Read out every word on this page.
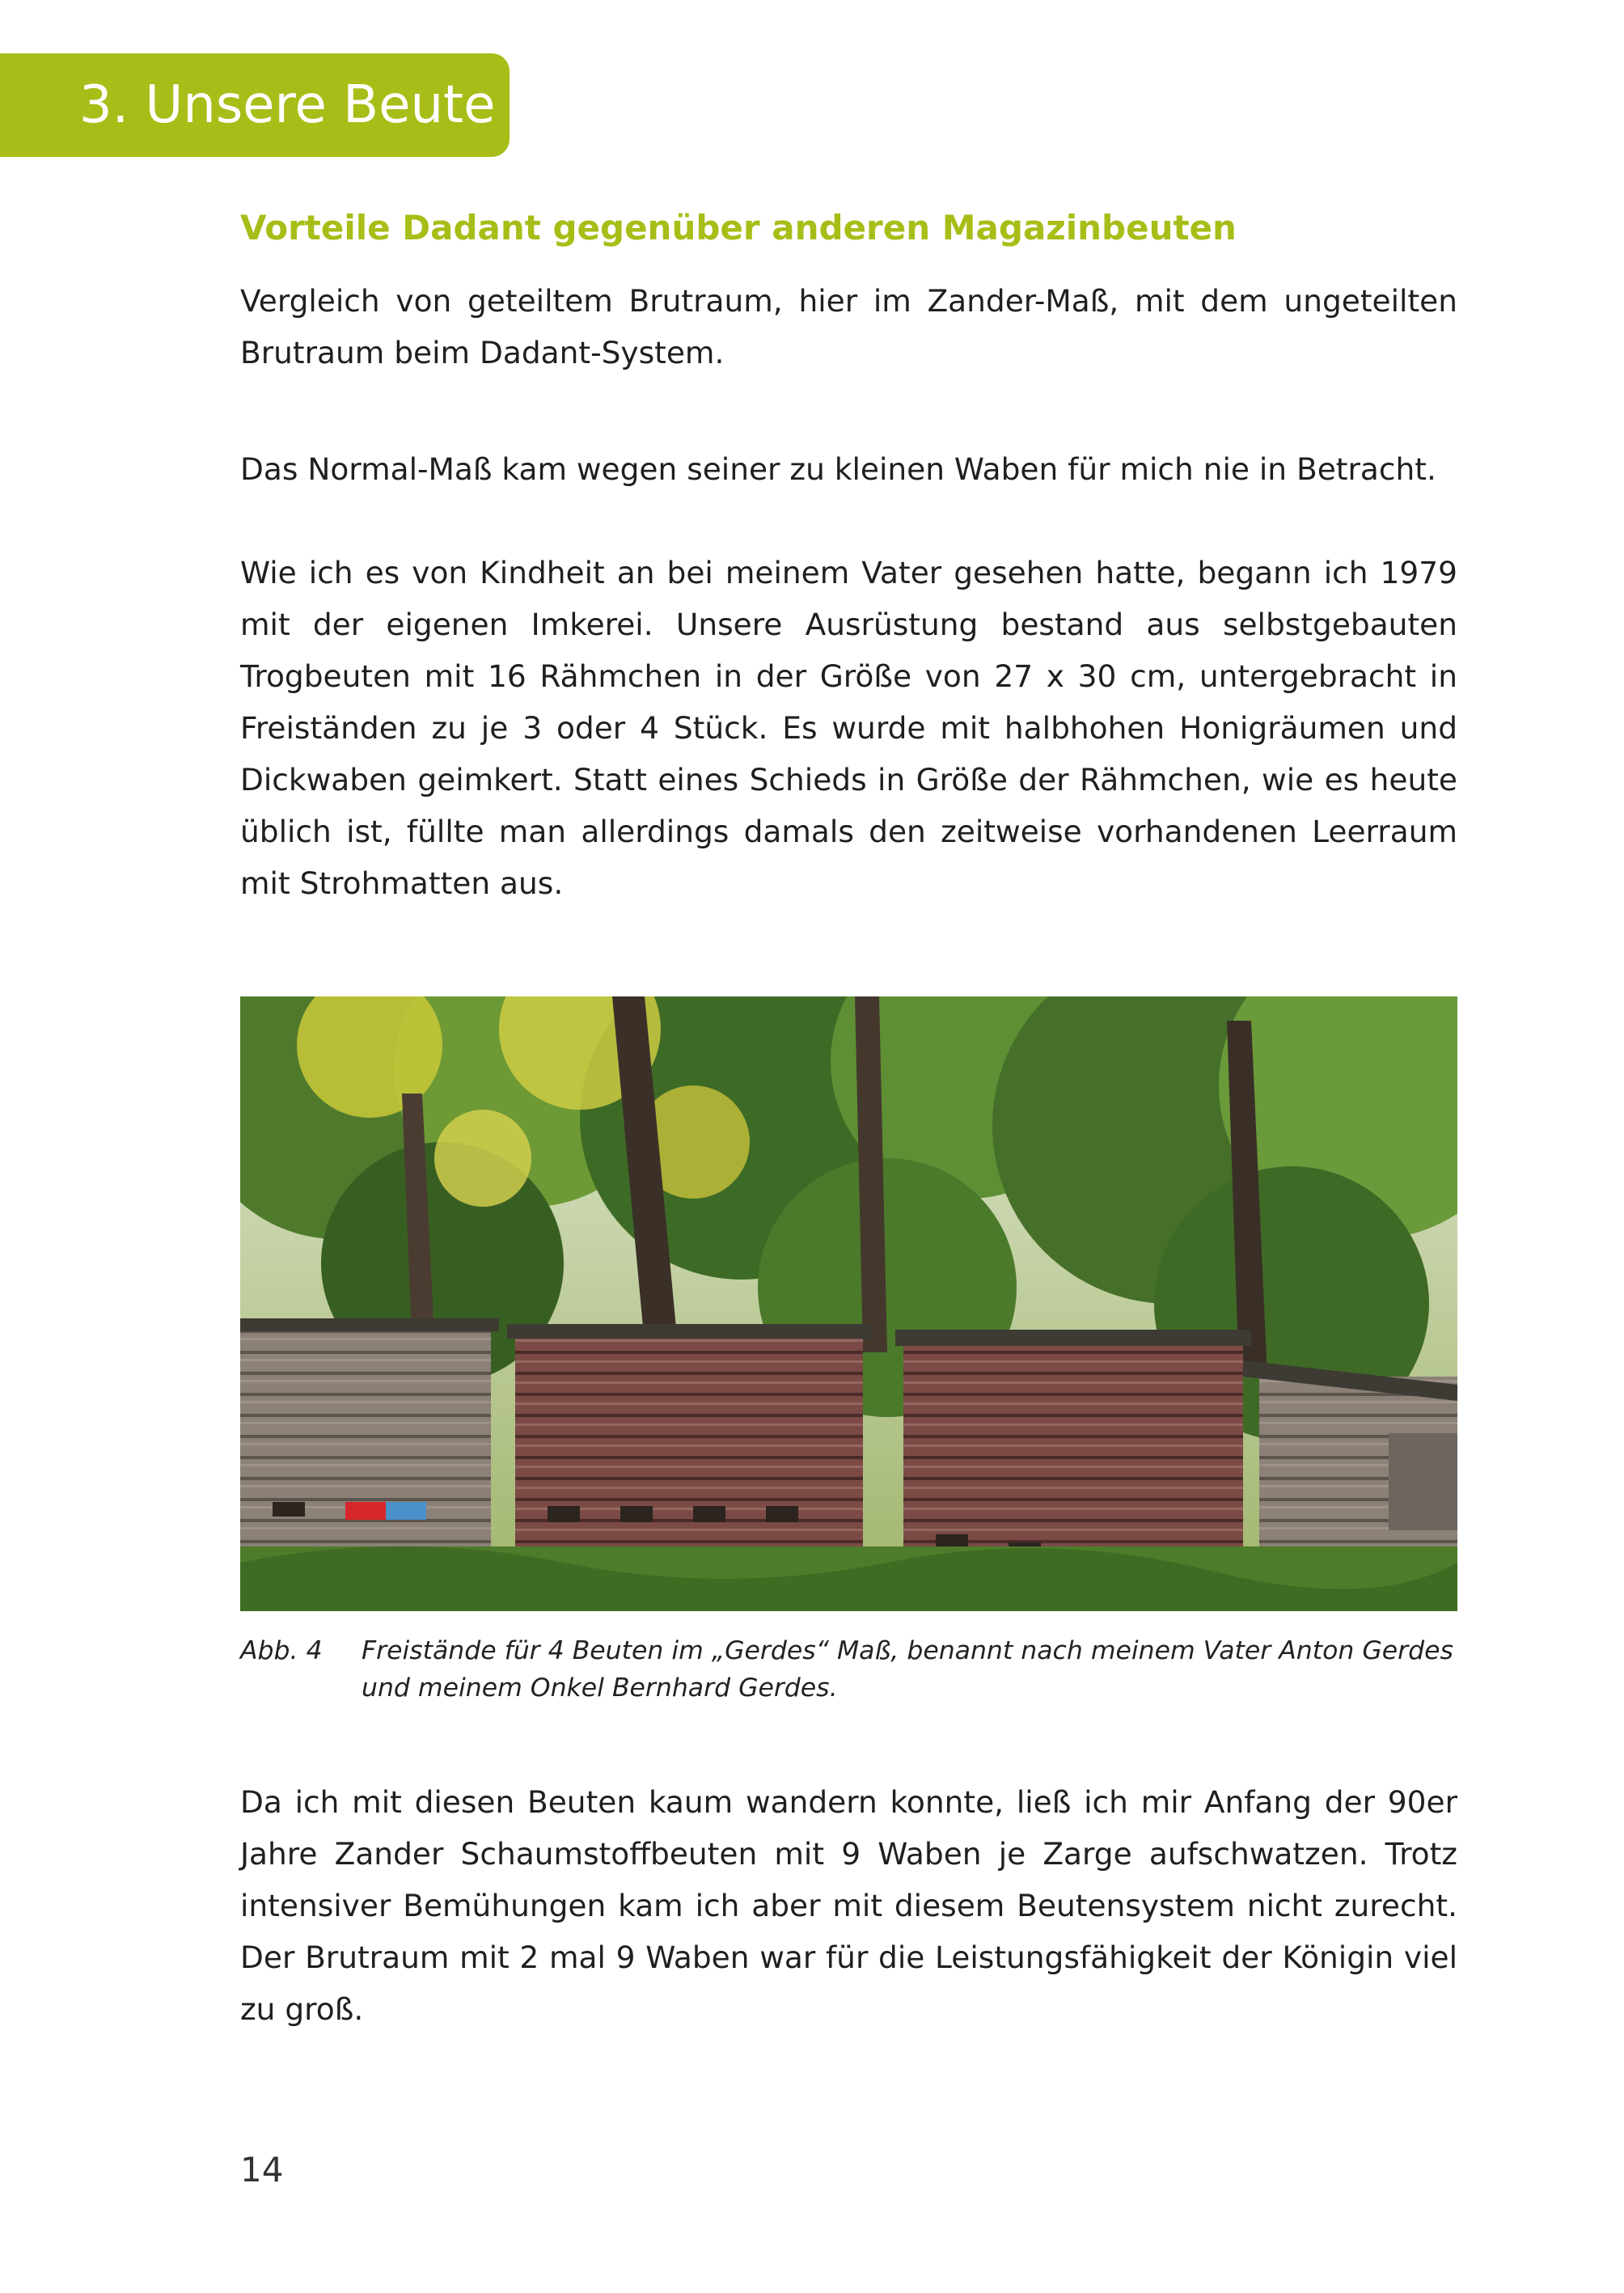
3. Unsere Beute
Vorteile Dadant gegenüber anderen Magazinbeuten

Vergleich von geteiltem Brutraum, hier im Zander-Maß, mit dem ungeteilten Brutraum beim Dadant-System.

Das Normal-Maß kam wegen seiner zu kleinen Waben für mich nie in Betracht.

Wie ich es von Kindheit an bei meinem Vater gesehen hatte, begann ich 1979 mit der eigenen Imkerei. Unsere Ausrüstung bestand aus selbstgebauten Trogbeuten mit 16 Rähmchen in der Größe von 27 x 30 cm, untergebracht in Freiständen zu je 3 oder 4 Stück. Es wurde mit halbhohen Honigräumen und Dickwaben geimkert. Statt eines Schieds in Größe der Rähmchen, wie es heute üblich ist, füllte man allerdings damals den zeitweise vorhandenen Leerraum mit Strohmatten aus.

Abb. 4 Freistände für 4 Beuten im „Gerdes“ Maß, benannt nach meinem Vater Anton Gerdes und meinem Onkel Bernhard Gerdes.

Da ich mit diesen Beuten kaum wandern konnte, ließ ich mir Anfang der 90er Jahre Zander Schaumstoffbeuten mit 9 Waben je Zarge aufschwatzen. Trotz intensiver Bemühungen kam ich aber mit diesem Beutensystem nicht zurecht. Der Brutraum mit 2 mal 9 Waben war für die Leistungsfähigkeit der Königin viel zu groß.

14
